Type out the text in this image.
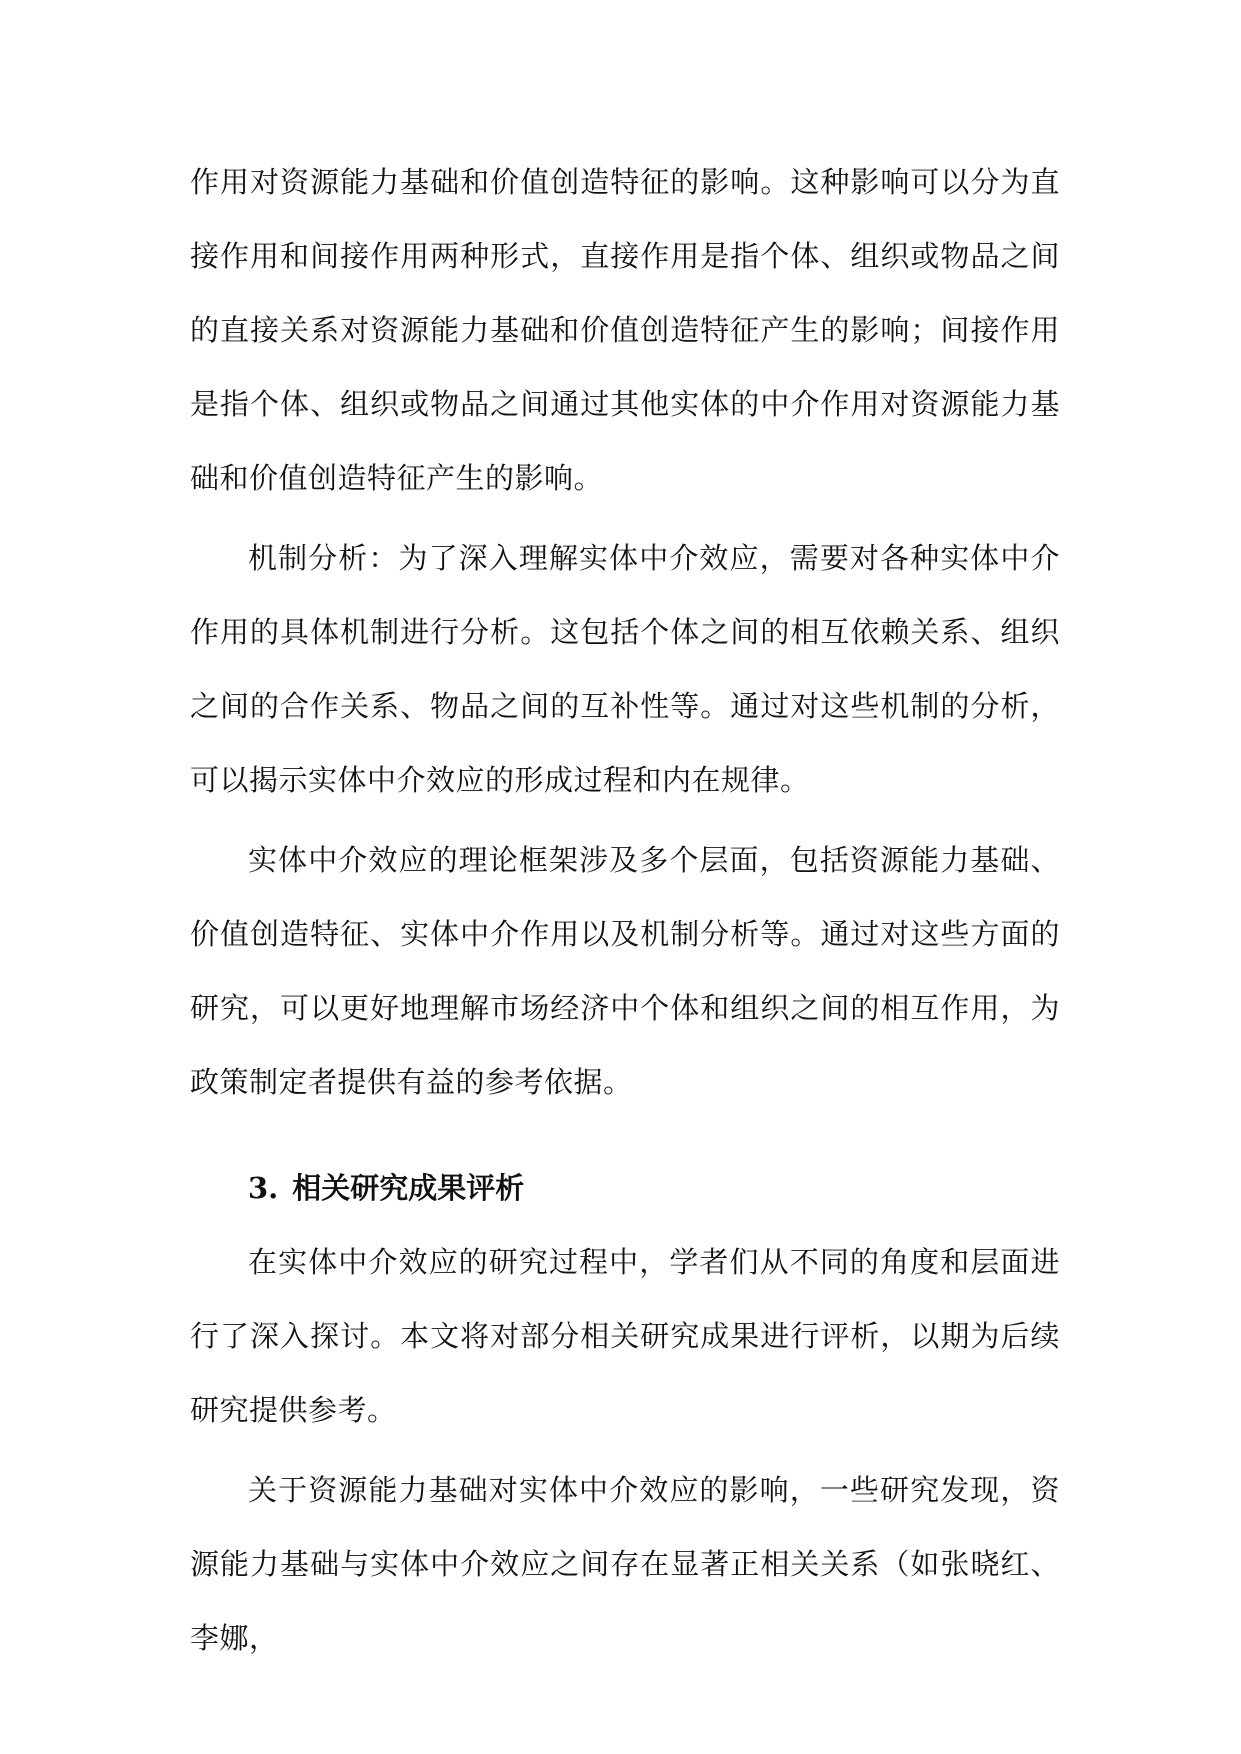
作用对资源能力基础和价值创造特征的影响。这种影响可以分为直接作用和间接作用两种形式，直接作用是指个体、组织或物品之间的直接关系对资源能力基础和价值创造特征产生的影响；间接作用是指个体、组织或物品之间通过其他实体的中介作用对资源能力基础和价值创造特征产生的影响。

机制分析：为了深入理解实体中介效应，需要对各种实体中介作用的具体机制进行分析。这包括个体之间的相互依赖关系、组织之间的合作关系、物品之间的互补性等。通过对这些机制的分析，可以揭示实体中介效应的形成过程和内在规律。

实体中介效应的理论框架涉及多个层面，包括资源能力基础、价值创造特征、实体中介作用以及机制分析等。通过对这些方面的研究，可以更好地理解市场经济中个体和组织之间的相互作用，为政策制定者提供有益的参考依据。

3. 相关研究成果评析

在实体中介效应的研究过程中，学者们从不同的角度和层面进行了深入探讨。本文将对部分相关研究成果进行评析，以期为后续研究提供参考。

关于资源能力基础对实体中介效应的影响，一些研究发现，资源能力基础与实体中介效应之间存在显著正相关关系（如张晓红、李娜，
